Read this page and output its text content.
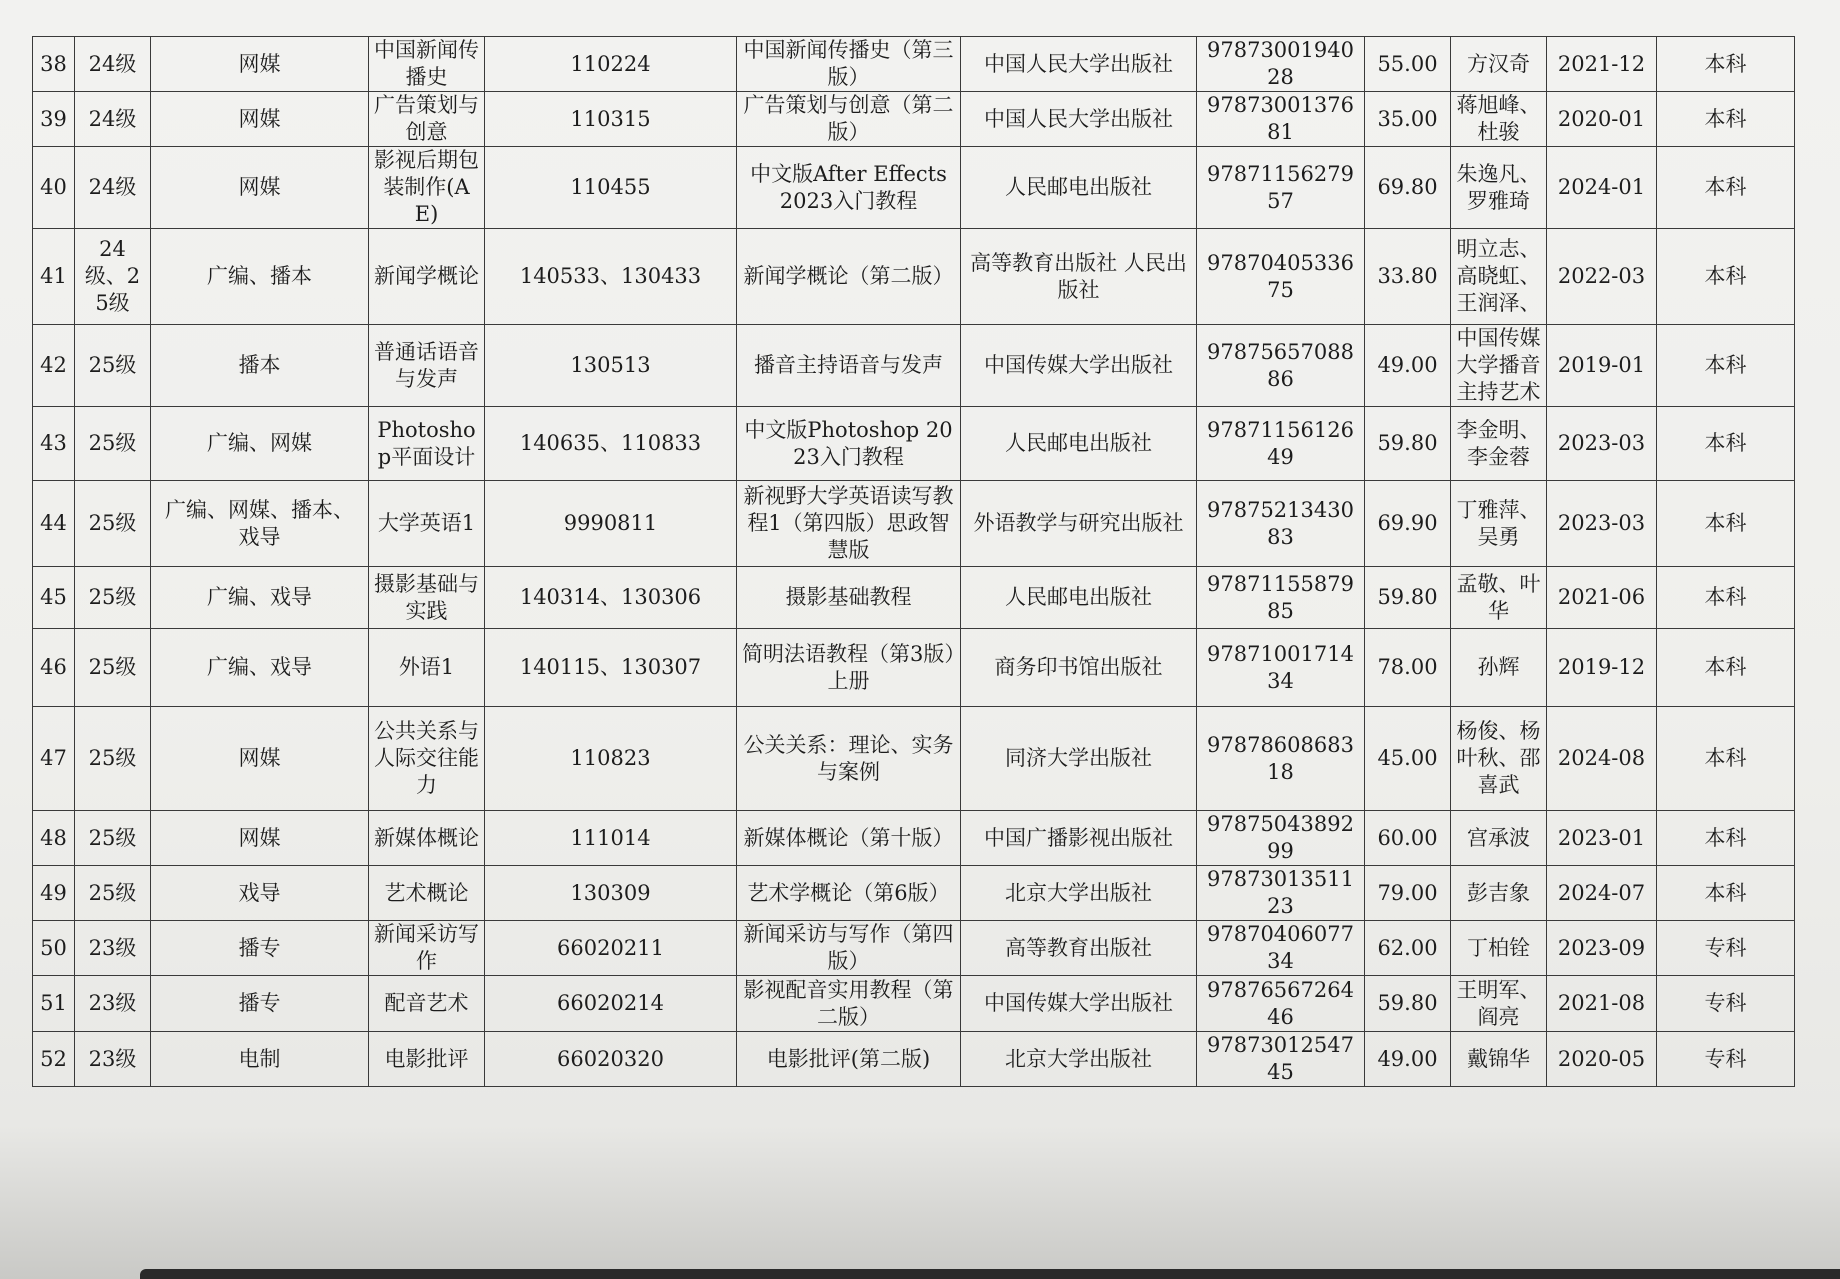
38	24级	网媒	中国新闻传播史	110224	中国新闻传播史（第三版）	中国人民大学出版社	9787300194028	55.00	方汉奇	2021-12	本科
39	24级	网媒	广告策划与创意	110315	广告策划与创意（第二版）	中国人民大学出版社	9787300137681	35.00	蒋旭峰、杜骏	2020-01	本科
40	24级	网媒	影视后期包装制作(AE)	110455	中文版After Effects 2023入门教程	人民邮电出版社	9787115627957	69.80	朱逸凡、罗雅琦	2024-01	本科
41	24级、25级	广编、播本	新闻学概论	140533、130433	新闻学概论（第二版）	高等教育出版社 人民出版社	9787040533675	33.80	明立志、高晓虹、王润泽、	2022-03	本科
42	25级	播本	普通话语音与发声	130513	播音主持语音与发声	中国传媒大学出版社	9787565708886	49.00	中国传媒大学播音主持艺术	2019-01	本科
43	25级	广编、网媒	Photoshop平面设计	140635、110833	中文版Photoshop 2023入门教程	人民邮电出版社	9787115612649	59.80	李金明、李金蓉	2023-03	本科
44	25级	广编、网媒、播本、戏导	大学英语1	9990811	新视野大学英语读写教程1（第四版）思政智慧版	外语教学与研究出版社	9787521343083	69.90	丁雅萍、吴勇	2023-03	本科
45	25级	广编、戏导	摄影基础与实践	140314、130306	摄影基础教程	人民邮电出版社	9787115587985	59.80	孟敬、叶华	2021-06	本科
46	25级	广编、戏导	外语1	140115、130307	简明法语教程（第3版）上册	商务印书馆出版社	9787100171434	78.00	孙辉	2019-12	本科
47	25级	网媒	公共关系与人际交往能力	110823	公关关系：理论、实务与案例	同济大学出版社	9787860868318	45.00	杨俊、杨叶秋、邵喜武	2024-08	本科
48	25级	网媒	新媒体概论	111014	新媒体概论（第十版）	中国广播影视出版社	9787504389299	60.00	宫承波	2023-01	本科
49	25级	戏导	艺术概论	130309	艺术学概论（第6版）	北京大学出版社	9787301351123	79.00	彭吉象	2024-07	本科
50	23级	播专	新闻采访写作	66020211	新闻采访与写作（第四版）	高等教育出版社	9787040607734	62.00	丁柏铨	2023-09	专科
51	23级	播专	配音艺术	66020214	影视配音实用教程（第二版）	中国传媒大学出版社	9787656726446	59.80	王明军、阎亮	2021-08	专科
52	23级	电制	电影批评	66020320	电影批评(第二版)	北京大学出版社	9787301254745	49.00	戴锦华	2020-05	专科
